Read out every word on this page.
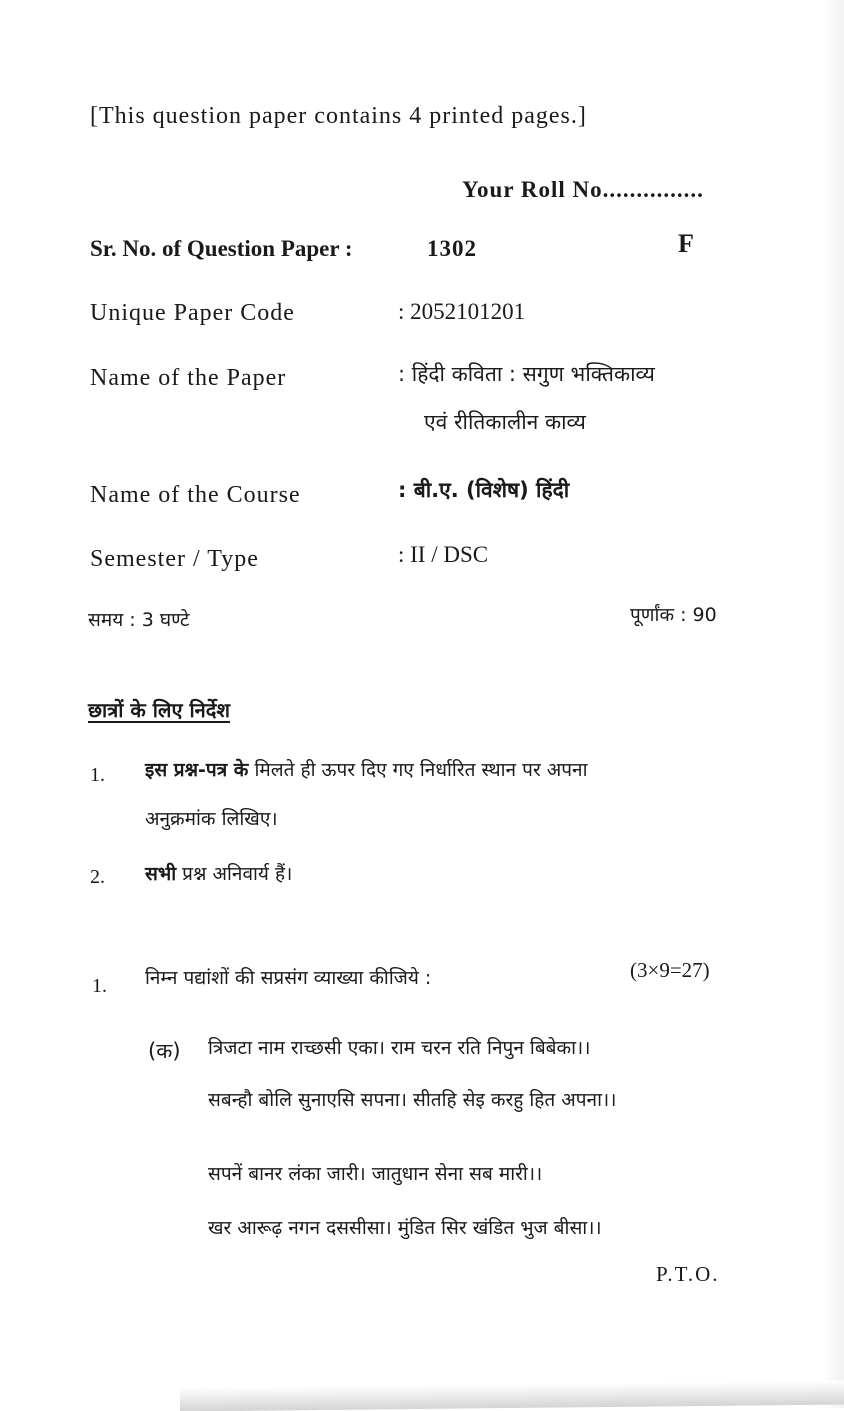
[This question paper contains 4 printed pages.]
Your Roll No...............
Sr. No. of Question Paper :	1302	F
Unique Paper Code	: 2052101201
Name of the Paper	: हिंदी कविता : सगुण भक्तिकाव्य
एवं रीतिकालीन काव्य
Name of the Course	: बी.ए. (विशेष) हिंदी
Semester / Type	: II / DSC
समय : 3 घण्टे	पूर्णांक : 90
छात्रों के लिए निर्देश
1. इस प्रश्न-पत्र के मिलते ही ऊपर दिए गए निर्धारित स्थान पर अपना
अनुक्रमांक लिखिए।
2. सभी प्रश्न अनिवार्य हैं।
1. निम्न पद्यांशों की सप्रसंग व्याख्या कीजिये :	(3×9=27)
(क) त्रिजटा नाम राच्छसी एका। राम चरन रति निपुन बिबेका।।
सबन्हौ बोलि सुनाएसि सपना। सीतहि सेइ करहु हित अपना।।
सपनें बानर लंका जारी। जातुधान सेना सब मारी।।
खर आरूढ़ नगन दससीसा। मुंडित सिर खंडित भुज बीसा।।
P.T.O.
